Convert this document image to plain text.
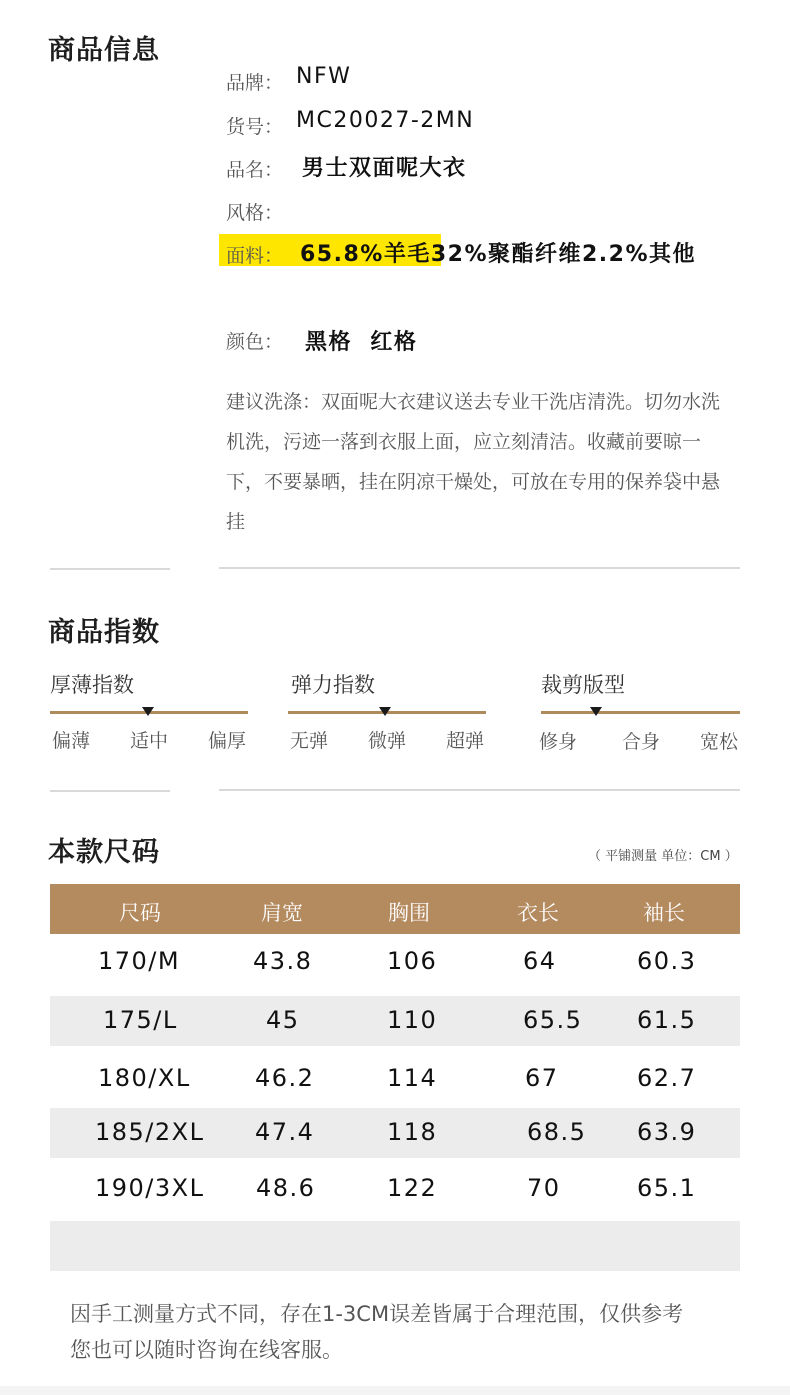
商品信息
品牌： NFW
货号： MC20027-2MN
品名： 男士双面呢大衣
风格：
面料： 65.8%羊毛32%聚酯纤维2.2%其他
颜色： 黑格  红格
建议洗涤：双面呢大衣建议送去专业干洗店清洗。切勿水洗机洗，污迹一落到衣服上面，应立刻清洁。收藏前要晾一下，不要暴晒，挂在阴凉干燥处，可放在专用的保养袋中悬挂
商品指数
厚薄指数
偏薄 适中 偏厚
弹力指数
无弹 微弹 超弹
裁剪版型
修身 合身 宽松
本款尺码	（ 平铺测量 单位：CM ）
尺码	肩宽	胸围	衣长	袖长
170/M	43.8	106	64	60.3
175/L	45	110	65.5 61.5
180/XL	46.2	114	67	62.7
185/2XL 47.4	118	68.5 63.9
190/3XL 48.6	122	70	65.1
因手工测量方式不同，存在1-3CM误差皆属于合理范围，仅供参考
您也可以随时咨询在线客服。
